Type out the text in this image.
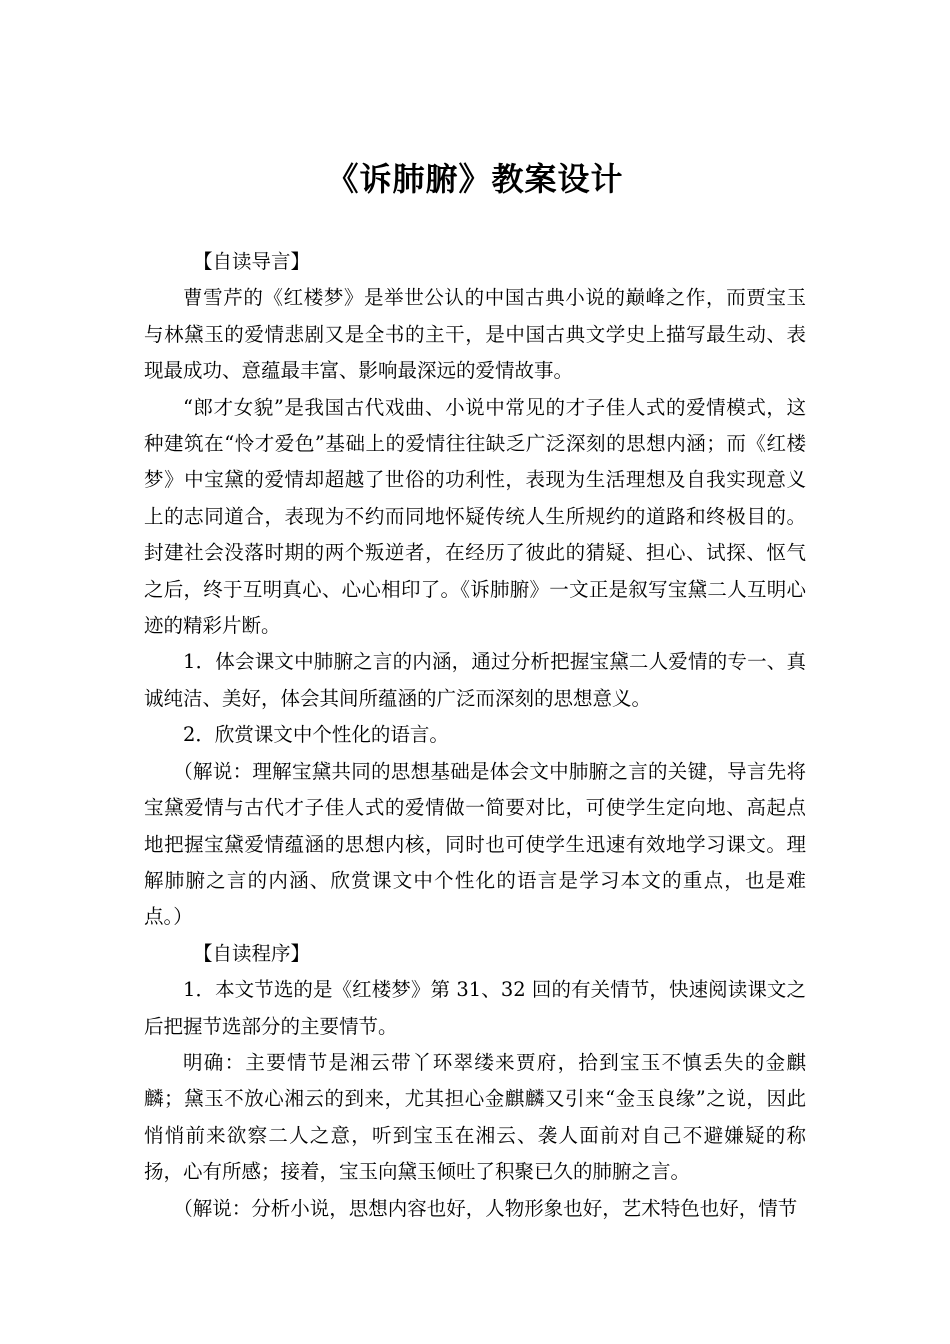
《诉肺腑》教案设计

【自读导言】

曹雪芹的《红楼梦》是举世公认的中国古典小说的巅峰之作，而贾宝玉与林黛玉的爱情悲剧又是全书的主干，是中国古典文学史上描写最生动、表现最成功、意蕴最丰富、影响最深远的爱情故事。

“郎才女貌”是我国古代戏曲、小说中常见的才子佳人式的爱情模式，这种建筑在“怜才爱色”基础上的爱情往往缺乏广泛深刻的思想内涵；而《红楼梦》中宝黛的爱情却超越了世俗的功利性，表现为生活理想及自我实现意义上的志同道合，表现为不约而同地怀疑传统人生所规约的道路和终极目的。封建社会没落时期的两个叛逆者，在经历了彼此的猜疑、担心、试探、怄气之后，终于互明真心、心心相印了。《诉肺腑》一文正是叙写宝黛二人互明心迹的精彩片断。

1．体会课文中肺腑之言的内涵，通过分析把握宝黛二人爱情的专一、真诚纯洁、美好，体会其间所蕴涵的广泛而深刻的思想意义。

2．欣赏课文中个性化的语言。

（解说：理解宝黛共同的思想基础是体会文中肺腑之言的关键，导言先将宝黛爱情与古代才子佳人式的爱情做一简要对比，可使学生定向地、高起点地把握宝黛爱情蕴涵的思想内核，同时也可使学生迅速有效地学习课文。理解肺腑之言的内涵、欣赏课文中个性化的语言是学习本文的重点，也是难点。）

【自读程序】

1．本文节选的是《红楼梦》第 31、32 回的有关情节，快速阅读课文之后把握节选部分的主要情节。

明确：主要情节是湘云带丫环翠缕来贾府，拾到宝玉不慎丢失的金麒麟；黛玉不放心湘云的到来，尤其担心金麒麟又引来“金玉良缘”之说，因此悄悄前来欲察二人之意，听到宝玉在湘云、袭人面前对自己不避嫌疑的称扬，心有所感；接着，宝玉向黛玉倾吐了积聚已久的肺腑之言。

（解说：分析小说，思想内容也好，人物形象也好，艺术特色也好，情节
